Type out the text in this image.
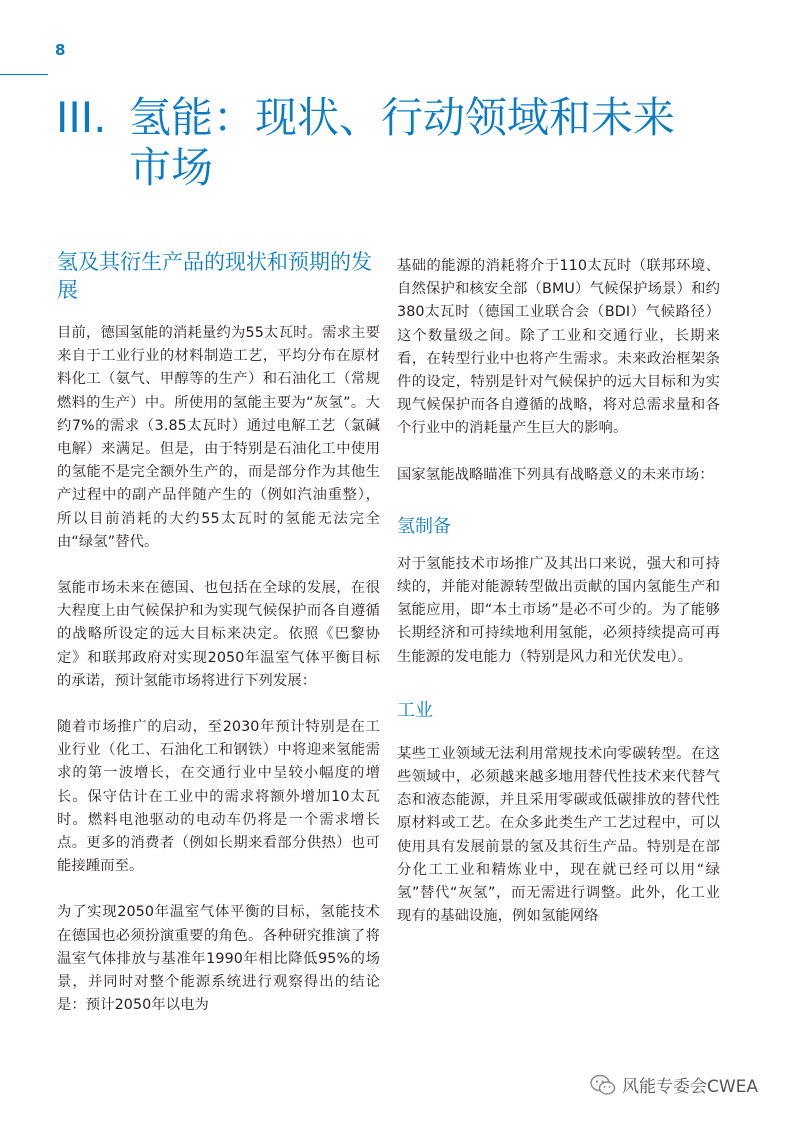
8
III. 氢能：现状、行动领域和未来
市场
氢及其衍生产品的现状和预期的发展

目前，德国氢能的消耗量约为55太瓦时。需求主要来自于工业行业的材料制造工艺，平均分布在原材料化工（氨气、甲醇等的生产）和石油化工（常规燃料的生产）中。所使用的氢能主要为“灰氢”。大约7%的需求（3.85太瓦时）通过电解工艺（氯碱电解）来满足。但是，由于特别是石油化工中使用的氢能不是完全额外生产的，而是部分作为其他生产过程中的副产品伴随产生的（例如汽油重整），所以目前消耗的大约55太瓦时的氢能无法完全由“绿氢”替代。

氢能市场未来在德国、也包括在全球的发展，在很大程度上由气候保护和为实现气候保护而各自遵循的战略所设定的远大目标来决定。依照《巴黎协定》和联邦政府对实现2050年温室气体平衡目标的承诺，预计氢能市场将进行下列发展：

随着市场推广的启动，至2030年预计特别是在工业行业（化工、石油化工和钢铁）中将迎来氢能需求的第一波增长，在交通行业中呈较小幅度的增长。保守估计在工业中的需求将额外增加10太瓦时。燃料电池驱动的电动车仍将是一个需求增长点。更多的消费者（例如长期来看部分供热）也可能接踵而至。

为了实现2050年温室气体平衡的目标，氢能技术在德国也必须扮演重要的角色。各种研究推演了将温室气体排放与基准年1990年相比降低95%的场景，并同时对整个能源系统进行观察得出的结论是：预计2050年以电为

基础的能源的消耗将介于110太瓦时（联邦环境、自然保护和核安全部（BMU）气候保护场景）和约380太瓦时（德国工业联合会（BDI）气候路径）这个数量级之间。除了工业和交通行业，长期来看，在转型行业中也将产生需求。未来政治框架条件的设定，特别是针对气候保护的远大目标和为实现气候保护而各自遵循的战略，将对总需求量和各个行业中的消耗量产生巨大的影响。

国家氢能战略瞄准下列具有战略意义的未来市场：

氢制备

对于氢能技术市场推广及其出口来说，强大和可持续的，并能对能源转型做出贡献的国内氢能生产和氢能应用，即“本土市场”是必不可少的。为了能够长期经济和可持续地利用氢能，必须持续提高可再生能源的发电能力（特别是风力和光伏发电）。

工业

某些工业领域无法利用常规技术向零碳转型。在这些领域中，必须越来越多地用替代性技术来代替气态和液态能源，并且采用零碳或低碳排放的替代性原材料或工艺。在众多此类生产工艺过程中，可以使用具有发展前景的氢及其衍生产品。特别是在部分化工工业和精炼业中，现在就已经可以用“绿氢”替代“灰氢”，而无需进行调整。此外，化工业现有的基础设施，例如氢能网络

风能专委会CWEA
